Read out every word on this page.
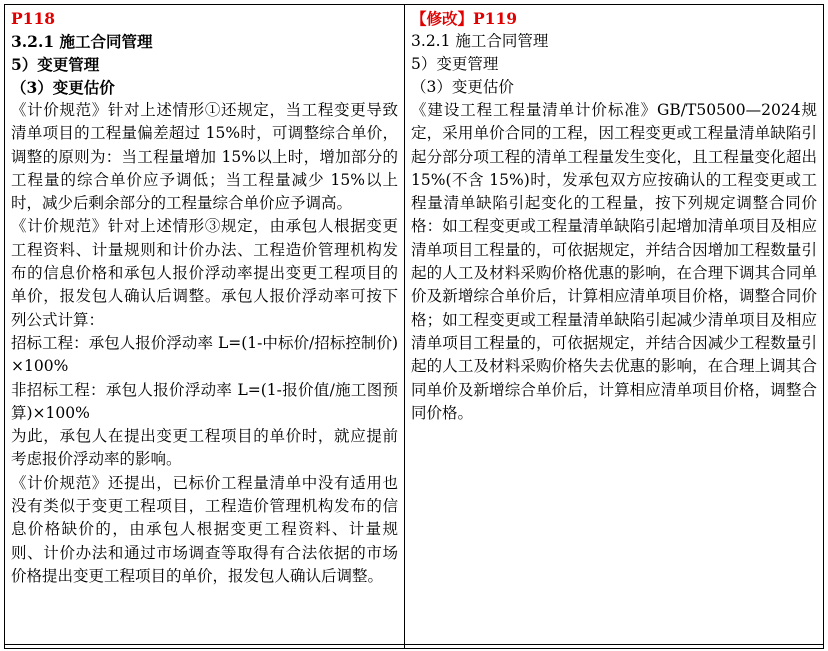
P118
3.2.1 施工合同管理
5）变更管理
（3）变更估价
《计价规范》针对上述情形①还规定，当工程变更导致清单项目的工程量偏差超过 15%时，可调整综合单价，调整的原则为：当工程量增加 15%以上时，增加部分的工程量的综合单价应予调低；当工程量减少 15%以上时，减少后剩余部分的工程量综合单价应予调高。
《计价规范》针对上述情形③规定，由承包人根据变更工程资料、计量规则和计价办法、工程造价管理机构发布的信息价格和承包人报价浮动率提出变更工程项目的单价，报发包人确认后调整。承包人报价浮动率可按下列公式计算：
招标工程：承包人报价浮动率 L=(1-中标价/招标控制价)×100%
非招标工程：承包人报价浮动率 L=(1-报价值/施工图预算)×100%
为此，承包人在提出变更工程项目的单价时，就应提前考虑报价浮动率的影响。
《计价规范》还提出，已标价工程量清单中没有适用也没有类似于变更工程项目，工程造价管理机构发布的信息价格缺价的，由承包人根据变更工程资料、计量规则、计价办法和通过市场调查等取得有合法依据的市场价格提出变更工程项目的单价，报发包人确认后调整。
【修改】P119
3.2.1 施工合同管理
5）变更管理
（3）变更估价
《建设工程工程量清单计价标准》GB/T50500—2024规定，采用单价合同的工程，因工程变更或工程量清单缺陷引起分部分项工程的清单工程量发生变化，且工程量变化超出 15%(不含 15%)时，发承包双方应按确认的工程变更或工程量清单缺陷引起变化的工程量，按下列规定调整合同价格：如工程变更或工程量清单缺陷引起增加清单项目及相应清单项目工程量的，可依据规定，并结合因增加工程数量引起的人工及材料采购价格优惠的影响，在合理下调其合同单价及新增综合单价后，计算相应清单项目价格，调整合同价格；如工程变更或工程量清单缺陷引起减少清单项目及相应清单项目工程量的，可依据规定，并结合因减少工程数量引起的人工及材料采购价格失去优惠的影响，在合理上调其合同单价及新增综合单价后，计算相应清单项目价格，调整合同价格。
